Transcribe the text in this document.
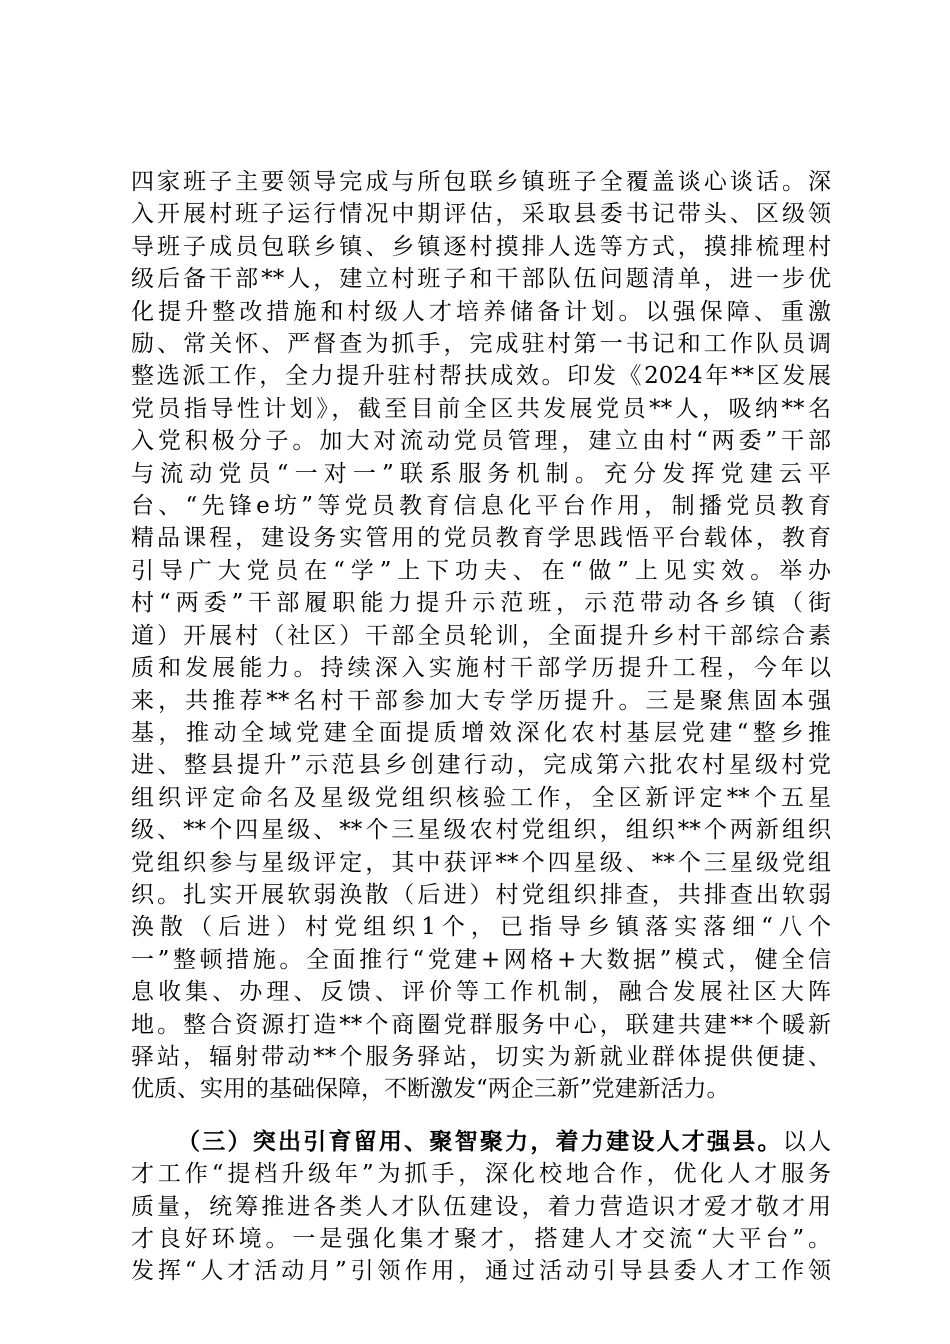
四家班子主要领导完成与所包联乡镇班子全覆盖谈心谈话。深
入开展村班子运行情况中期评估，采取县委书记带头、区级领
导班子成员包联乡镇、乡镇逐村摸排人选等方式，摸排梳理村
级后备干部**人，建立村班子和干部队伍问题清单，进一步优
化提升整改措施和村级人才培养储备计划。以强保障、重激
励、常关怀、严督查为抓手，完成驻村第一书记和工作队员调
整选派工作，全力提升驻村帮扶成效。印发《2024年**区发展
党员指导性计划》，截至目前全区共发展党员**人，吸纳**名
入党积极分子。加大对流动党员管理，建立由村“两委”干部
与流动党员“一对一”联系服务机制。充分发挥党建云平
台、“先锋e坊”等党员教育信息化平台作用，制播党员教育
精品课程，建设务实管用的党员教育学思践悟平台载体，教育
引导广大党员在“学”上下功夫、在“做”上见实效。举办
村“两委”干部履职能力提升示范班，示范带动各乡镇（街
道）开展村（社区）干部全员轮训，全面提升乡村干部综合素
质和发展能力。持续深入实施村干部学历提升工程，今年以
来，共推荐**名村干部参加大专学历提升。三是聚焦固本强
基，推动全域党建全面提质增效深化农村基层党建“整乡推
进、整县提升”示范县乡创建行动，完成第六批农村星级村党
组织评定命名及星级党组织核验工作，全区新评定**个五星
级、**个四星级、**个三星级农村党组织，组织**个两新组织
党组织参与星级评定，其中获评**个四星级、**个三星级党组
织。扎实开展软弱涣散（后进）村党组织排查，共排查出软弱
涣散（后进）村党组织1个，已指导乡镇落实落细“八个
一”整顿措施。全面推行“党建+网格+大数据”模式，健全信
息收集、办理、反馈、评价等工作机制，融合发展社区大阵
地。整合资源打造**个商圈党群服务中心，联建共建**个暖新
驿站，辐射带动**个服务驿站，切实为新就业群体提供便捷、
优质、实用的基础保障，不断激发“两企三新”党建新活力。
（三）突出引育留用、聚智聚力，着力建设人才强县。以人
才工作“提档升级年”为抓手，深化校地合作，优化人才服务
质量，统筹推进各类人才队伍建设，着力营造识才爱才敬才用
才良好环境。一是强化集才聚才，搭建人才交流“大平台”。
发挥“人才活动月”引领作用，通过活动引导县委人才工作领
